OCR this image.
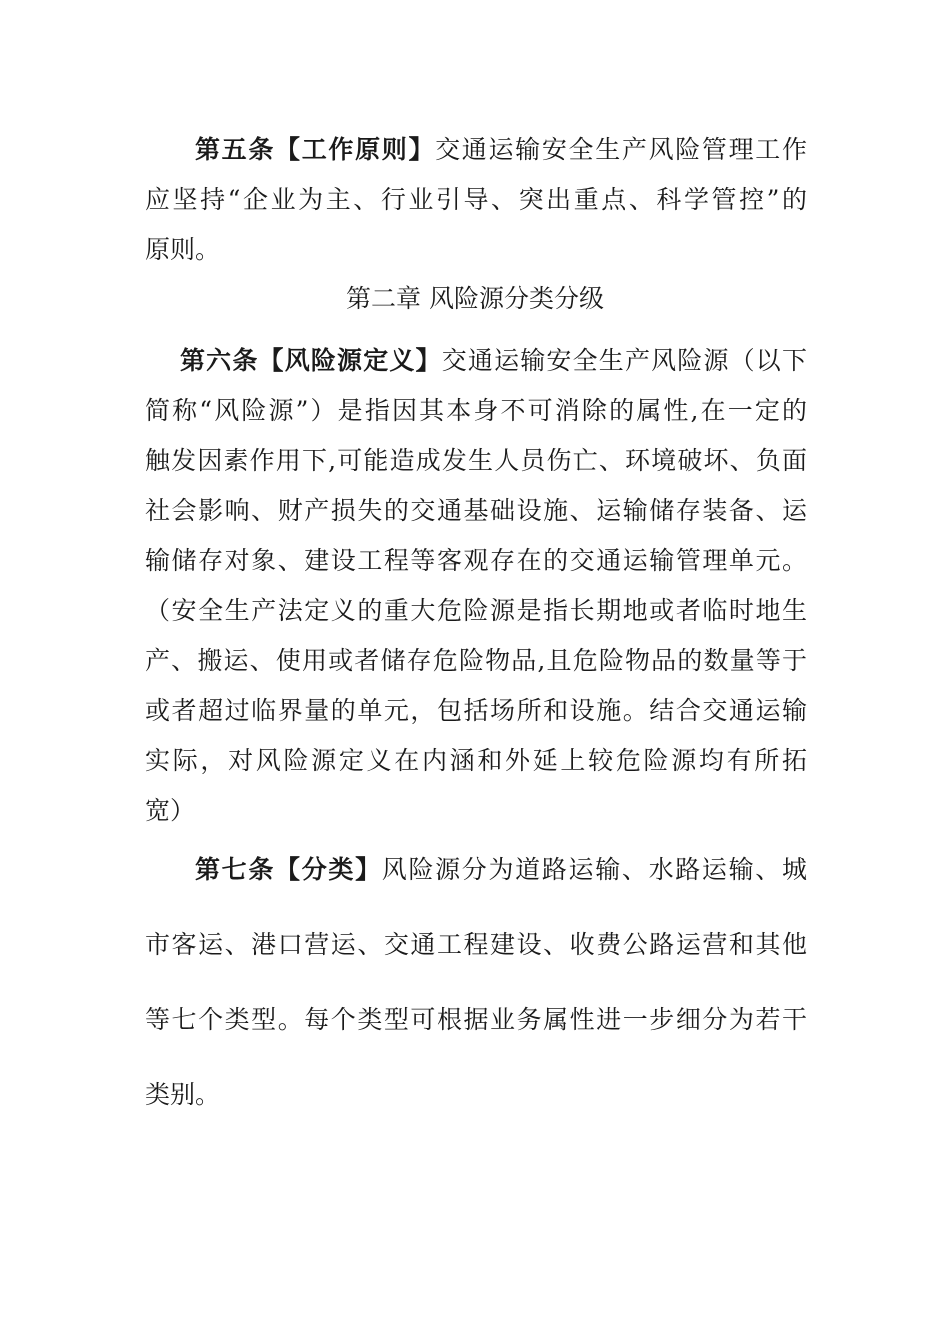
第五条【工作原则】交通运输安全生产风险管理工作
应坚持“企业为主、行业引导、突出重点、科学管控”的
原则。
第二章 风险源分类分级
第六条【风险源定义】交通运输安全生产风险源（以下
简称“风险源”）是指因其本身不可消除的属性,在一定的
触发因素作用下,可能造成发生人员伤亡、环境破坏、负面
社会影响、财产损失的交通基础设施、运输储存装备、运
输储存对象、建设工程等客观存在的交通运输管理单元。
（安全生产法定义的重大危险源是指长期地或者临时地生
产、搬运、使用或者储存危险物品,且危险物品的数量等于
或者超过临界量的单元，包括场所和设施。结合交通运输
实际，对风险源定义在内涵和外延上较危险源均有所拓
宽）
第七条【分类】风险源分为道路运输、水路运输、城
市客运、港口营运、交通工程建设、收费公路运营和其他
等七个类型。每个类型可根据业务属性进一步细分为若干
类别。
